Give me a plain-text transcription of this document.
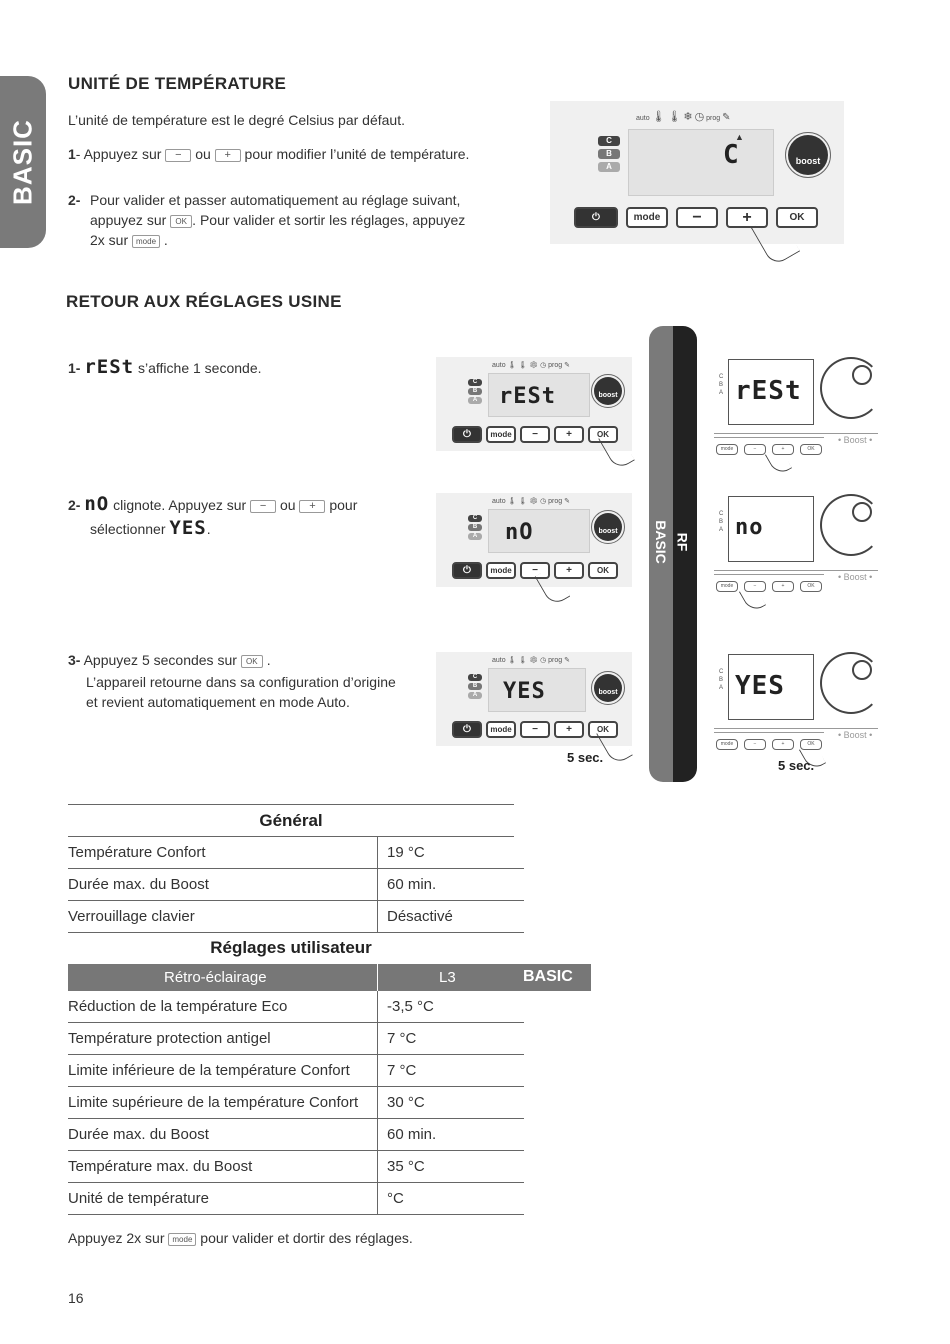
BASIC
UNITÉ DE TEMPÉRATURE
L’unité de température est le degré Celsius par défaut.
1- Appuyez sur − ou + pour modifier l’unité de température.
2- Pour valider et passer automatiquement au réglage suivant,
appuyez sur OK . Pour valider et sortir les réglages, appuyez
2x sur mode .
auto 🌡 🌡 ❄ ◷ prog ✎
C
B
A	C
▲
boost
⏻	mode	−	+	OK
RETOUR AUX RÉGLAGES USINE
1- rESt s’affiche 1 seconde.
2- nO clignote. Appuyez sur − ou + pour
sélectionner YES.
3- Appuyez 5 secondes sur OK .
L’appareil retourne dans sa configuration d’origine
et revient automatiquement en mode Auto.
auto 🌡 🌡 ❄ ◷ prog ✎
C
B
A rESt	boost
⏻	mode	−	+	OK
auto 🌡 🌡 ❄ ◷ prog ✎
C
B
A nO	boost
⏻	mode	−	+	OK
auto 🌡 🌡 ❄ ◷ prog ✎
C
B
A YES	boost
⏻	mode	−	+	OK
5 sec.
BASIC RF
C
B
A rESt
• Boost •
mode	−	+	OK
C
B
A no
• Boost •
mode	−	+	OK
C
B
A YES
• Boost •
mode	−	+	OK
5 sec.
Général
Température Confort	19 °C
Durée max. du Boost	60 min.
Verrouillage clavier	Désactivé
Réglages utilisateur
Rétro-éclairage	L3	BASIC
Réduction de la température Eco	-3,5 °C
Température protection antigel	7 °C
Limite inférieure de la température Confort	7 °C
Limite supérieure de la température Confort	30 °C
Durée max. du Boost	60 min.
Température max. du Boost	35 °C
Unité de température	°C
Appuyez 2x sur mode pour valider et dortir des réglages.
16
